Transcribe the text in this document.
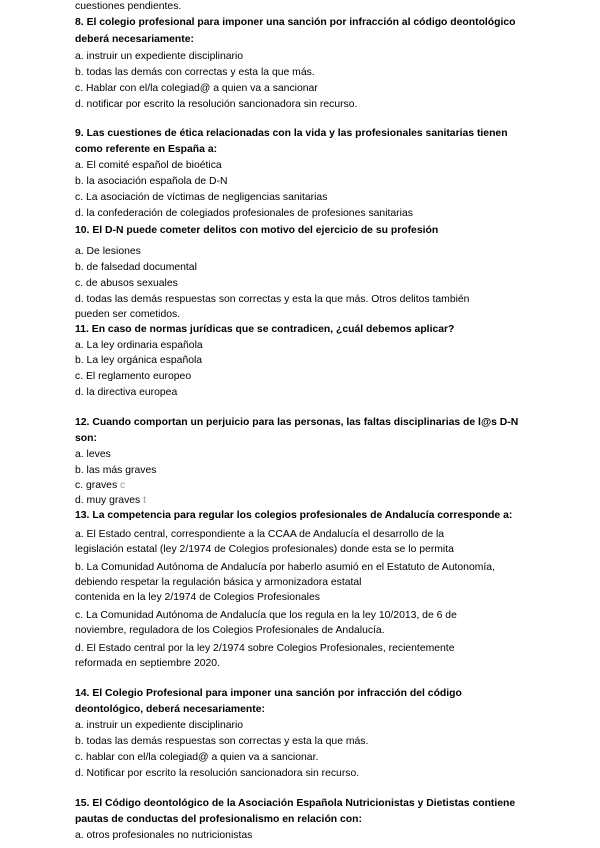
cuestiones pendientes.
8. El colegio profesional para imponer una sanción por infracción al código deontológico
deberá necesariamente:
a. instruir un expediente disciplinario
b. todas las demás con correctas y esta la que más.
c. Hablar con el/la colegiad@ a quien va a sancionar
d. notificar por escrito la resolución sancionadora sin recurso.
9. Las cuestiones de ética relacionadas con la vida y las profesionales sanitarias tienen
como referente en España a:
a. El comité español de bioética
b. la asociación española de D-N
c. La asociación de víctimas de negligencias sanitarias
d. la confederación de colegiados profesionales de profesiones sanitarias
10. El D-N puede cometer delitos con motivo del ejercicio de su profesión
a. De lesiones
b. de falsedad documental
c. de abusos sexuales
d. todas las demás respuestas son correctas y esta la que más. Otros delitos también
pueden ser cometidos.
11. En caso de normas jurídicas que se contradicen, ¿cuál debemos aplicar?
a. La ley ordinaria española
b. La ley orgánica española
c. El reglamento europeo
d. la directiva europea
12. Cuando comportan un perjuicio para las personas, las faltas disciplinarias de l@s D-N
son:
a. leves
b. las más graves
c. graves c
d. muy graves t
13. La competencia para regular los colegios profesionales de Andalucía corresponde a:
a. El Estado central, correspondiente a la CCAA de Andalucía el desarrollo de la
legislación estatal (ley 2/1974 de Colegios profesionales) donde esta se lo permita
b. La Comunidad Autónoma de Andalucía por haberlo asumió en el Estatuto de Autonomía,
debiendo respetar la regulación básica y armonizadora estatal
contenida en la ley 2/1974 de Colegios Profesionales
c. La Comunidad Autónoma de Andalucía que los regula en la ley 10/2013, de 6 de
noviembre, reguladora de los Colegios Profesionales de Andalucía.
d. El Estado central por la ley 2/1974 sobre Colegios Profesionales, recientemente
reformada en septiembre 2020.
14. El Colegio Profesional para imponer una sanción por infracción del código
deontológico, deberá necesariamente:
a. instruir un expediente disciplinario
b. todas las demás respuestas son correctas y esta la que más.
c. hablar con el/la colegiad@ a quien va a sancionar.
d. Notificar por escrito la resolución sancionadora sin recurso.
15. El Código deontológico de la Asociación Española Nutricionistas y Dietistas contiene
pautas de conductas del profesionalismo en relación con:
a. otros profesionales no nutricionistas
